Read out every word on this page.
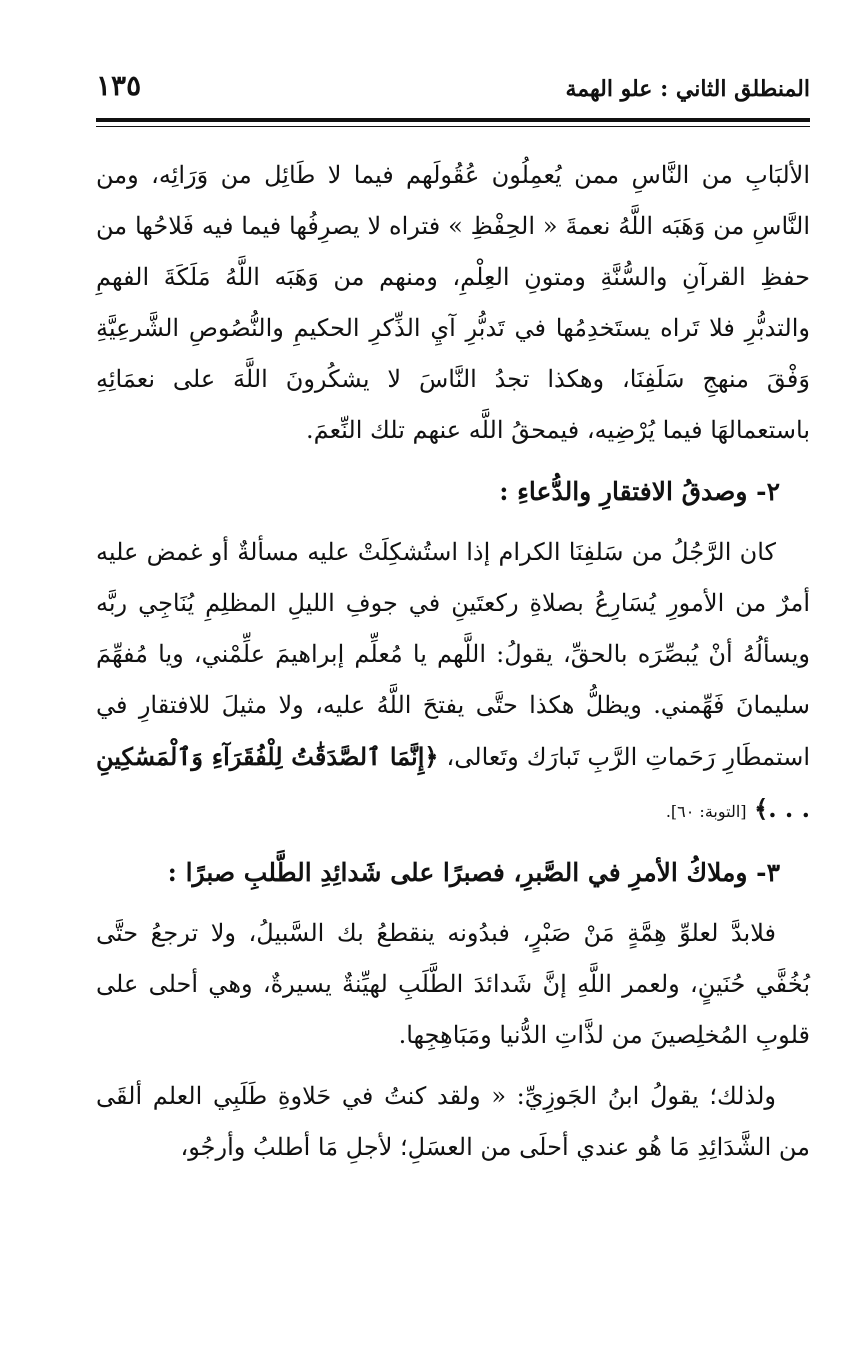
١٣٥	المنطلق الثاني : علو الهمة

الألبَابِ من النَّاسِ ممن يُعمِلُون عُقُولَهم فيما لا طَائِل من وَرَائِه، ومن النَّاسِ من وَهَبَه اللَّهُ نعمةَ « الحِفْظِ » فتراه لا يصرِفُها فيما فيه فَلاحُها من حفظِ القرآنِ والسُّنَّةِ ومتونِ العِلْمِ، ومنهم من وَهَبَه اللَّهُ مَلَكَةَ الفهمِ والتدبُّرِ فلا تَراه يستَخدِمُها في تَدبُّرِ آيِ الذِّكرِ الحكيمِ والنُّصُوصِ الشَّرعِيَّةِ وَفْقَ منهجِ سَلَفِنَا، وهكذا تجدُ النَّاسَ لا يشكُرونَ اللَّهَ على نعمَائِهِ باستعمالهَا فيما يُرْضِيه، فيمحقُ اللَّه عنهم تلك النِّعمَ.

٢- وصدقُ الافتقارِ والدُّعاءِ :

كان الرَّجُلُ من سَلفِنَا الكرام إذا استُشكِلَتْ عليه مسألةٌ أو غمض عليه أمرٌ من الأمورِ يُسَارِعُ بصلاةِ ركعتَينِ في جوفِ الليلِ المظلِمِ يُنَاجِي ربَّه ويسألُهُ أنْ يُبصِّرَه بالحقِّ، يقولُ: اللَّهم يا مُعلِّم إبراهيمَ علِّمْني، ويا مُفهِّمَ سليمانَ فَهِّمني. ويظلُّ هكذا حتَّى يفتحَ اللَّهُ عليه، ولا مثيلَ للافتقارِ في استمطَارِ رَحَماتِ الرَّبِ تَبارَك وتَعالى، ﴿إِنَّمَا ٱلصَّدَقَٰتُ لِلْفُقَرَآءِ وَٱلْمَسَٰكِينِ . . .﴾ [التوبة: ٦٠].

٣- وملاكُ الأمرِ في الصَّبرِ، فصبرًا على شَدائِدِ الطَّلبِ صبرًا :

فلابدَّ لعلوِّ هِمَّةٍ مَنْ صَبْرٍ، فبدُونه ينقطعُ بك السَّبيلُ، ولا ترجعُ حتَّى بُخُفَّي حُنَينٍ، ولعمر اللَّهِ إنَّ شَدائدَ الطَّلَبِ لهيِّنةٌ يسيرةٌ، وهي أحلى على قلوبِ المُخلِصينَ من لذَّاتِ الدُّنيا ومَبَاهِجِها.

ولذلك؛ يقولُ ابنُ الجَوزِيِّ: « ولقد كنتُ في حَلاوةِ طَلَبِي العلم ألقَى من الشَّدَائِدِ مَا هُو عندي أحلَى من العسَلِ؛ لأجلِ مَا أطلبُ وأرجُو،
